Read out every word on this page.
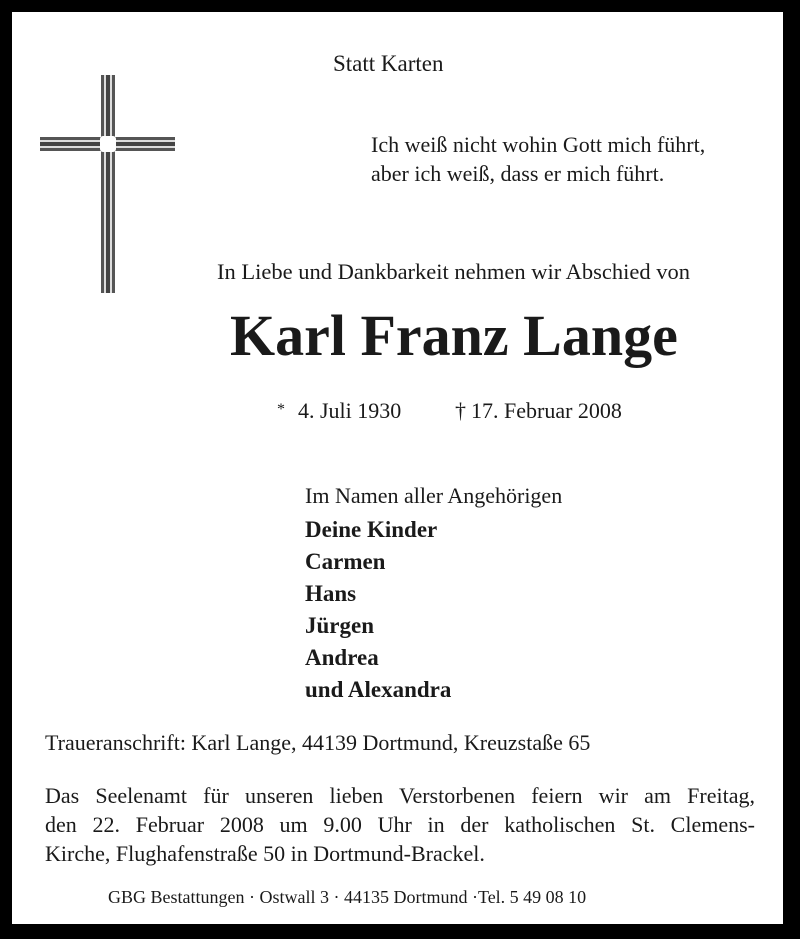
Statt Karten
Ich weiß nicht wohin Gott mich führt,
aber ich weiß, dass er mich führt.
In Liebe und Dankbarkeit nehmen wir Abschied von
Karl Franz Lange
* 4. Juli 1930 † 17. Februar 2008
Im Namen aller Angehörigen
Deine Kinder
Carmen
Hans
Jürgen
Andrea
und Alexandra
Traueranschrift: Karl Lange, 44139 Dortmund, Kreuzstaße 65
Das Seelenamt für unseren lieben Verstorbenen feiern wir am Freitag,
den 22. Februar 2008 um 9.00 Uhr in der katholischen St. Clemens-
Kirche, Flughafenstraße 50 in Dortmund-Brackel.
GBG Bestattungen · Ostwall 3 · 44135 Dortmund ·Tel. 5 49 08 10
